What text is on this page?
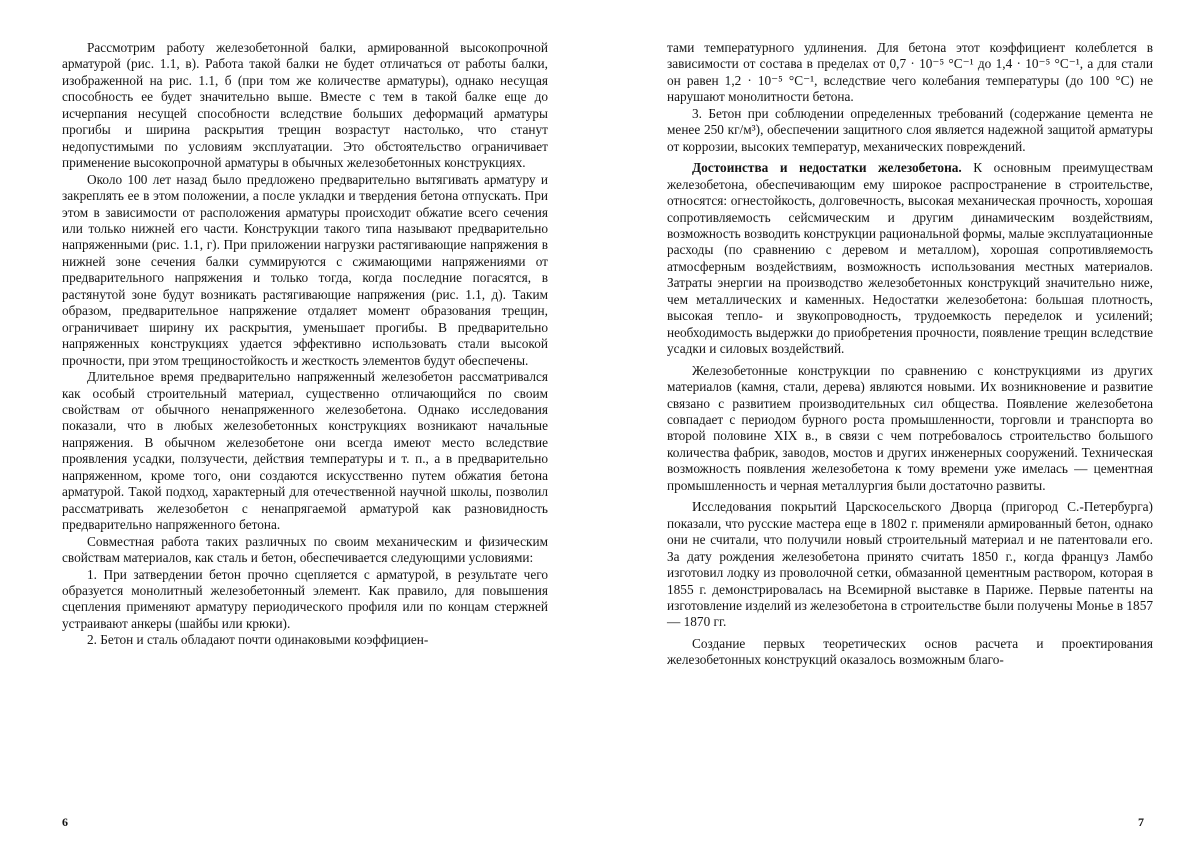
Рассмотрим работу железобетонной балки, армированной высокопрочной арматурой (рис. 1.1, в). Работа такой балки не будет отличаться от работы балки, изображенной на рис. 1.1, б (при том же количестве арматуры), однако несущая способность ее будет значительно выше. Вместе с тем в такой балке еще до исчерпания несущей способности вследствие больших деформаций арматуры прогибы и ширина раскрытия трещин возрастут настолько, что станут недопустимыми по условиям эксплуатации. Это обстоятельство ограничивает применение высокопрочной арматуры в обычных железобетонных конструкциях.

Около 100 лет назад было предложено предварительно вытягивать арматуру и закреплять ее в этом положении, а после укладки и твердения бетона отпускать. При этом в зависимости от расположения арматуры происходит обжатие всего сечения или только нижней его части. Конструкции такого типа называют предварительно напряженными (рис. 1.1, г). При приложении нагрузки растягивающие напряжения в нижней зоне сечения балки суммируются с сжимающими напряжениями от предварительного напряжения и только тогда, когда последние погасятся, в растянутой зоне будут возникать растягивающие напряжения (рис. 1.1, д). Таким образом, предварительное напряжение отдаляет момент образования трещин, ограничивает ширину их раскрытия, уменьшает прогибы. В предварительно напряженных конструкциях удается эффективно использовать стали высокой прочности, при этом трещиностойкость и жесткость элементов будут обеспечены.

Длительное время предварительно напряженный железобетон рассматривался как особый строительный материал, существенно отличающийся по своим свойствам от обычного ненапряженного железобетона. Однако исследования показали, что в любых железобетонных конструкциях возникают начальные напряжения. В обычном железобетоне они всегда имеют место вследствие проявления усадки, ползучести, действия температуры и т. п., а в предварительно напряженном, кроме того, они создаются искусственно путем обжатия бетона арматурой. Такой подход, характерный для отечественной научной школы, позволил рассматривать железобетон с ненапрягаемой арматурой как разновидность предварительно напряженного бетона.

Совместная работа таких различных по своим механическим и физическим свойствам материалов, как сталь и бетон, обеспечивается следующими условиями:

1. При затвердении бетон прочно сцепляется с арматурой, в результате чего образуется монолитный железобетонный элемент. Как правило, для повышения сцепления применяют арматуру периодического профиля или по концам стержней устраивают анкеры (шайбы или крюки).

2. Бетон и сталь обладают почти одинаковыми коэффициен-

6

тами температурного удлинения. Для бетона этот коэффициент колеблется в зависимости от состава в пределах от 0,7 · 10⁻⁵ °C⁻¹ до 1,4 · 10⁻⁵ °C⁻¹, а для стали он равен 1,2 · 10⁻⁵ °C⁻¹, вследствие чего колебания температуры (до 100 °C) не нарушают монолитности бетона.

3. Бетон при соблюдении определенных требований (содержание цемента не менее 250 кг/м³), обеспечении защитного слоя является надежной защитой арматуры от коррозии, высоких температур, механических повреждений.

Достоинства и недостатки железобетона. К основным преимуществам железобетона, обеспечивающим ему широкое распространение в строительстве, относятся: огнестойкость, долговечность, высокая механическая прочность, хорошая сопротивляемость сейсмическим и другим динамическим воздействиям, возможность возводить конструкции рациональной формы, малые эксплуатационные расходы (по сравнению с деревом и металлом), хорошая сопротивляемость атмосферным воздействиям, возможность использования местных материалов. Затраты энергии на производство железобетонных конструкций значительно ниже, чем металлических и каменных. Недостатки железобетона: большая плотность, высокая тепло- и звукопроводность, трудоемкость переделок и усилений; необходимость выдержки до приобретения прочности, появление трещин вследствие усадки и силовых воздействий.

Железобетонные конструкции по сравнению с конструкциями из других материалов (камня, стали, дерева) являются новыми. Их возникновение и развитие связано с развитием производительных сил общества. Появление железобетона совпадает с периодом бурного роста промышленности, торговли и транспорта во второй половине XIX в., в связи с чем потребовалось строительство большого количества фабрик, заводов, мостов и других инженерных сооружений. Техническая возможность появления железобетона к тому времени уже имелась — цементная промышленность и черная металлургия были достаточно развиты.

Исследования покрытий Царскосельского Дворца (пригород С.-Петербурга) показали, что русские мастера еще в 1802 г. применяли армированный бетон, однако они не считали, что получили новый строительный материал и не патентовали его. За дату рождения железобетона принято считать 1850 г., когда француз Ламбо изготовил лодку из проволочной сетки, обмазанной цементным раствором, которая в 1855 г. демонстрировалась на Всемирной выставке в Париже. Первые патенты на изготовление изделий из железобетона в строительстве были получены Монье в 1857 — 1870 гг.

Создание первых теоретических основ расчета и проектирования железобетонных конструкций оказалось возможным благо-

7
